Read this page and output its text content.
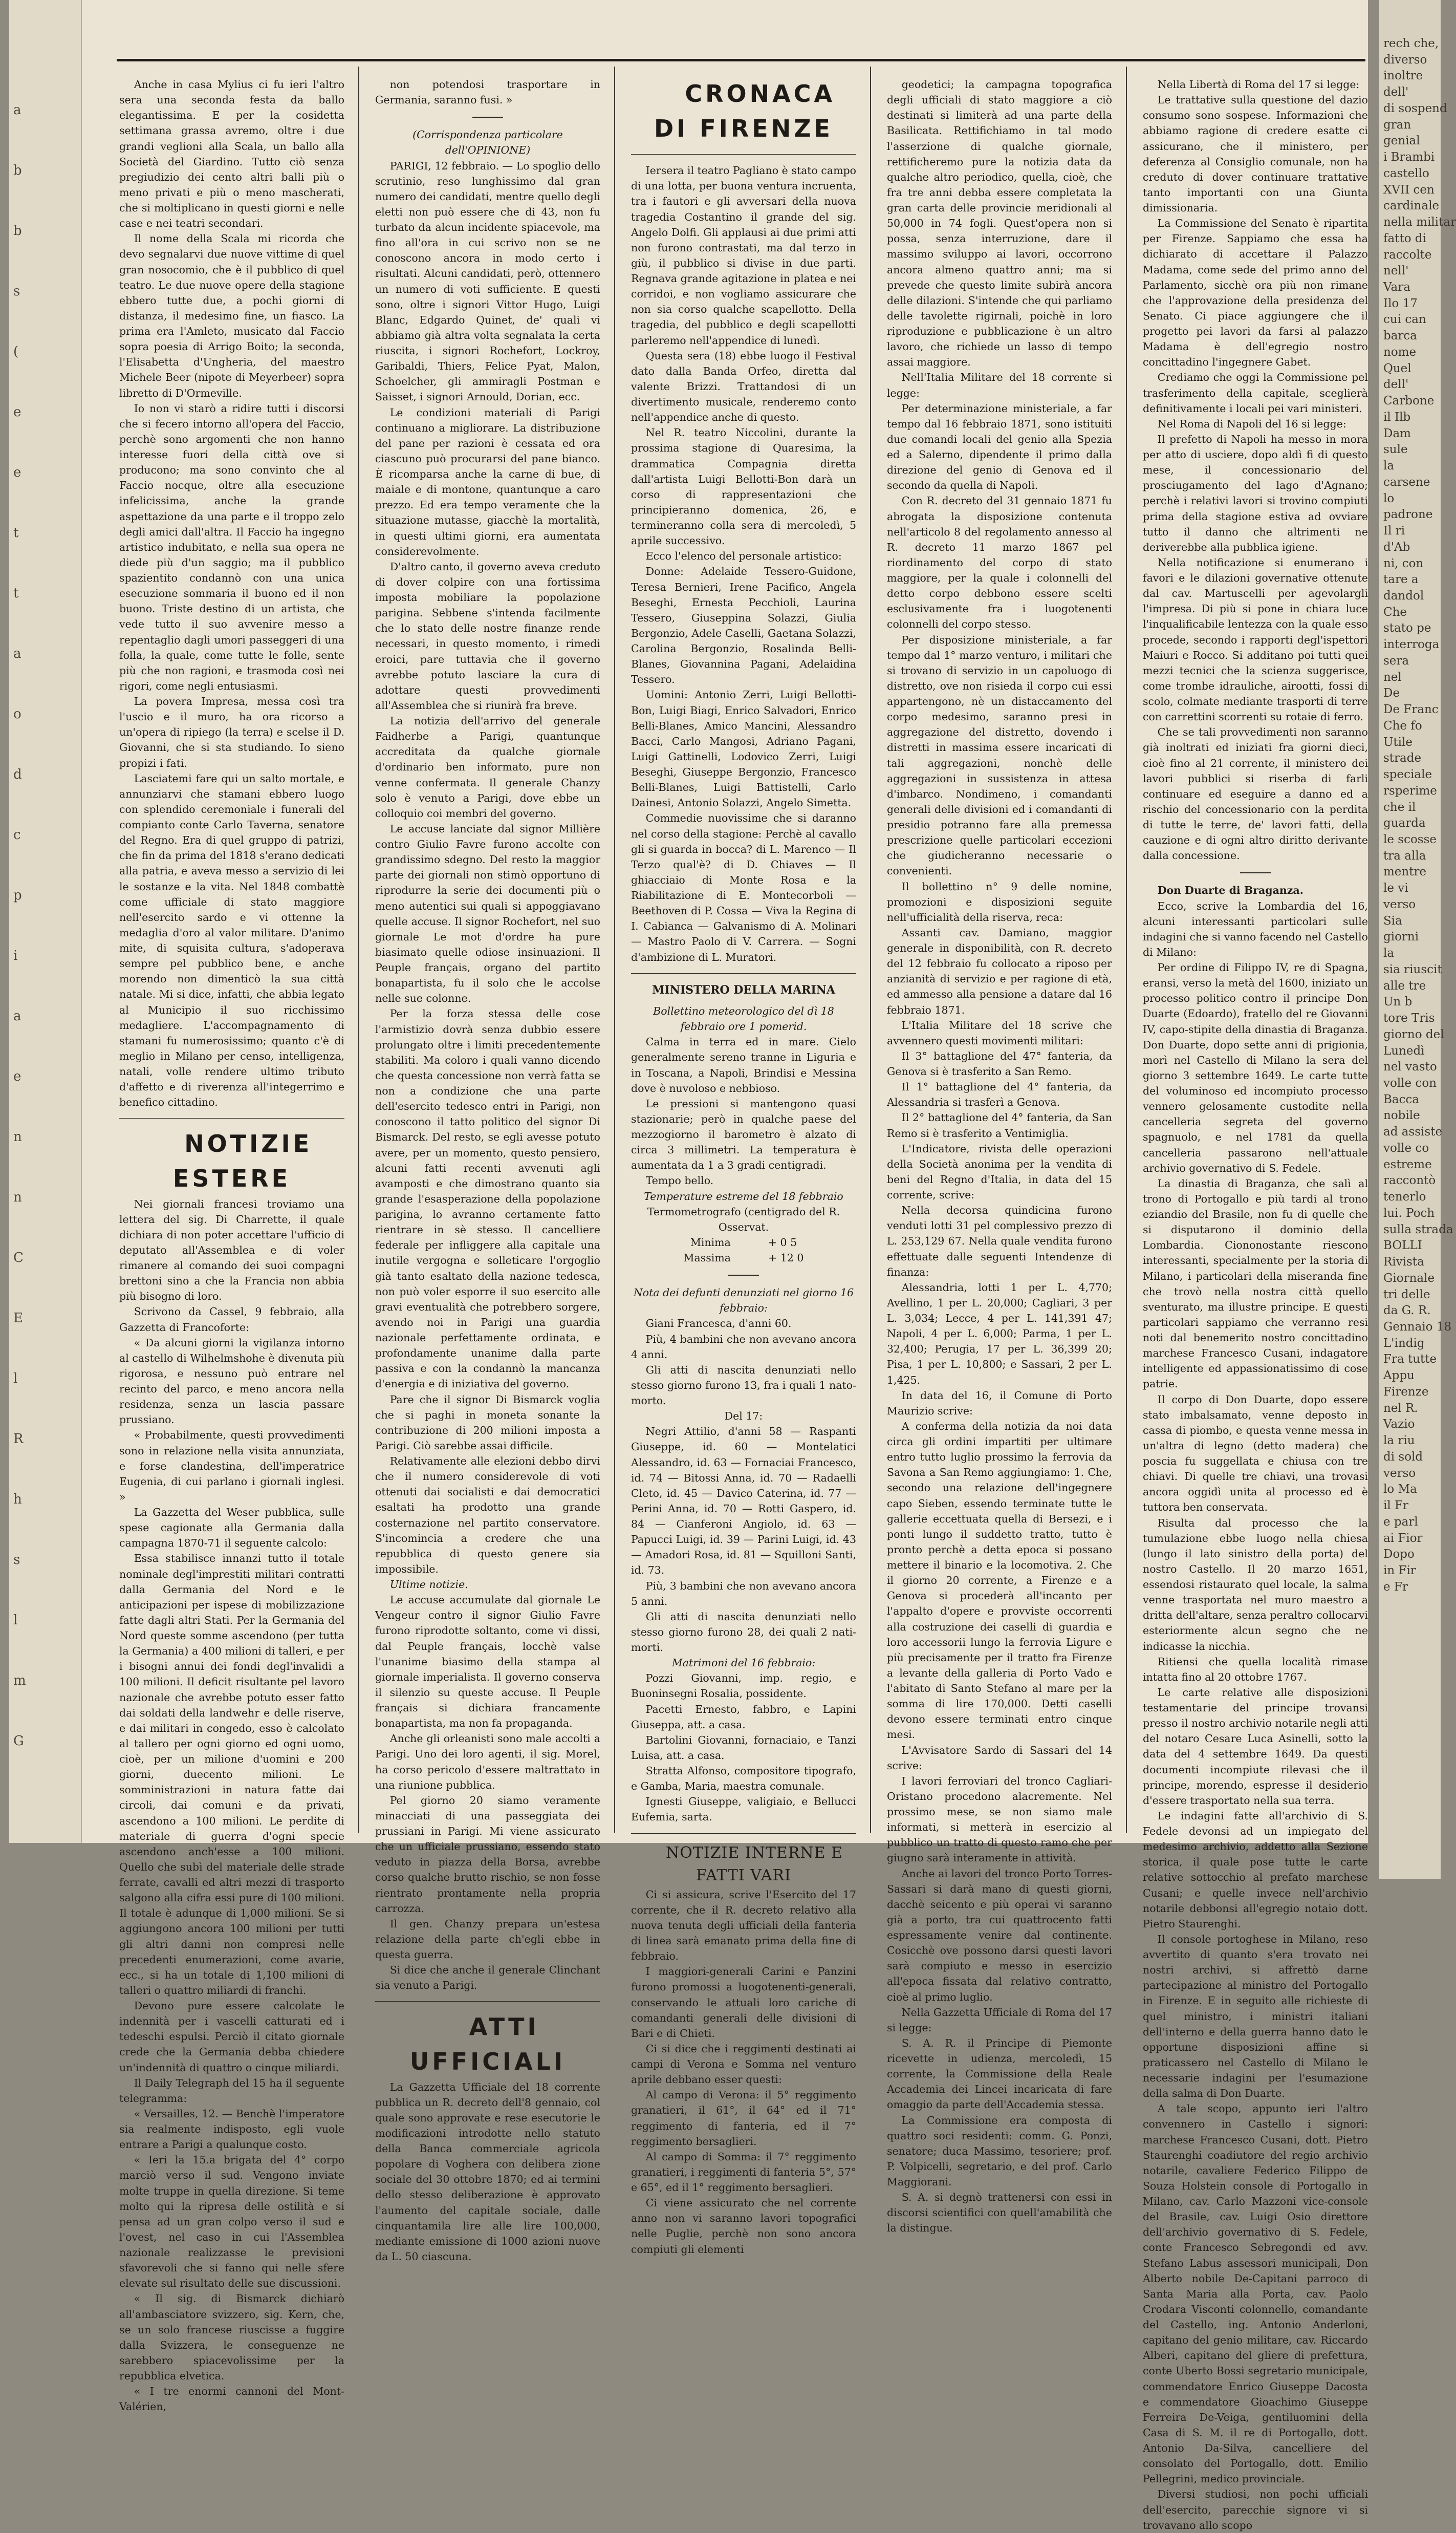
a
b
b
s
(
e
e
t
t
a
o
d
c
p
i
a
e
n
n
C
E
l
R
h
s
l
m
G

Anche in casa Mylius ci fu ieri l'altro sera una seconda festa da ballo elegantissima. E per la cosidetta settimana grassa avremo, oltre i due grandi veglioni alla Scala, un ballo alla Società del Giardino. Tutto ciò senza pregiudizio dei cento altri balli più o meno privati e più o meno mascherati, che si moltiplicano in questi giorni e nelle case e nei teatri secondari.

Il nome della Scala mi ricorda che devo segnalarvi due nuove vittime di quel gran nosocomio, che è il pubblico di quel teatro. Le due nuove opere della stagione ebbero tutte due, a pochi giorni di distanza, il medesimo fine, un fiasco. La prima era l'Amleto, musicato dal Faccio sopra poesia di Arrigo Boito; la seconda, l'Elisabetta d'Ungheria, del maestro Michele Beer (nipote di Meyerbeer) sopra libretto di D'Ormeville.

Io non vi starò a ridire tutti i discorsi che si fecero intorno all'opera del Faccio, perchè sono argomenti che non hanno interesse fuori della città ove si producono; ma sono convinto che al Faccio nocque, oltre alla esecuzione infelicissima, anche la grande aspettazione da una parte e il troppo zelo degli amici dall'altra. Il Faccio ha ingegno artistico indubitato, e nella sua opera ne diede più d'un saggio; ma il pubblico spazientito condannò con una unica esecuzione sommaria il buono ed il non buono. Triste destino di un artista, che vede tutto il suo avvenire messo a repentaglio dagli umori passeggeri di una folla, la quale, come tutte le folle, sente più che non ragioni, e trasmoda così nei rigori, come negli entusiasmi.

La povera Impresa, messa così tra l'uscio e il muro, ha ora ricorso a un'opera di ripiego (la terra) e scelse il D. Giovanni, che si sta studiando. Io sieno propizi i fati.

Lasciatemi fare qui un salto mortale, e annunziarvi che stamani ebbero luogo con splendido ceremoniale i funerali del compianto conte Carlo Taverna, senatore del Regno. Era di quel gruppo di patrizi, che fin da prima del 1818 s'erano dedicati alla patria, e aveva messo a servizio di lei le sostanze e la vita. Nel 1848 combattè come ufficiale di stato maggiore nell'esercito sardo e vi ottenne la medaglia d'oro al valor militare. D'animo mite, di squisita cultura, s'adoperava sempre pel pubblico bene, e anche morendo non dimenticò la sua città natale. Mi si dice, infatti, che abbia legato al Municipio il suo ricchissimo medagliere. L'accompagnamento di stamani fu numerosissimo; quanto c'è di meglio in Milano per censo, intelligenza, natali, volle rendere ultimo tributo d'affetto e di riverenza all'integerrimo e benefico cittadino.

NOTIZIE ESTERE

Nei giornali francesi troviamo una lettera del sig. Di Charrette, il quale dichiara di non poter accettare l'ufficio di deputato all'Assemblea e di voler rimanere al comando dei suoi compagni brettoni sino a che la Francia non abbia più bisogno di loro.

Scrivono da Cassel, 9 febbraio, alla Gazzetta di Francoforte:

« Da alcuni giorni la vigilanza intorno al castello di Wilhelmshohe è divenuta più rigorosa, e nessuno può entrare nel recinto del parco, e meno ancora nella residenza, senza un lascia passare prussiano.

« Probabilmente, questi provvedimenti sono in relazione nella visita annunziata, e forse clandestina, dell'imperatrice Eugenia, di cui parlano i giornali inglesi. »

La Gazzetta del Weser pubblica, sulle spese cagionate alla Germania dalla campagna 1870-71 il seguente calcolo:

Essa stabilisce innanzi tutto il totale nominale degl'imprestiti militari contratti dalla Germania del Nord e le anticipazioni per ispese di mobilizzazione fatte dagli altri Stati. Per la Germania del Nord queste somme ascendono (per tutta la Germania) a 400 milioni di talleri, e per i bisogni annui dei fondi degl'invalidi a 100 milioni. Il deficit risultante pel lavoro nazionale che avrebbe potuto esser fatto dai soldati della landwehr e delle riserve, e dai militari in congedo, esso è calcolato al tallero per ogni giorno ed ogni uomo, cioè, per un milione d'uomini e 200 giorni, duecento milioni. Le somministrazioni in natura fatte dai circoli, dai comuni e da privati, ascendono a 100 milioni. Le perdite di materiale di guerra d'ogni specie ascendono anch'esse a 100 milioni. Quello che subì del materiale delle strade ferrate, cavalli ed altri mezzi di trasporto salgono alla cifra essi pure di 100 milioni. Il totale è adunque di 1,000 milioni. Se si aggiungono ancora 100 milioni per tutti gli altri danni non compresi nelle precedenti enumerazioni, come avarie, ecc., si ha un totale di 1,100 milioni di talleri o quattro miliardi di franchi.

Devono pure essere calcolate le indennità per i vascelli catturati ed i tedeschi espulsi. Perciò il citato giornale crede che la Germania debba chiedere un'indennità di quattro o cinque miliardi.

Il Daily Telegraph del 15 ha il seguente telegramma:

« Versailles, 12. — Benchè l'imperatore sia realmente indisposto, egli vuole entrare a Parigi a qualunque costo.

« Ieri la 15.a brigata del 4° corpo marciò verso il sud. Vengono inviate molte truppe in quella direzione. Si teme molto qui la ripresa delle ostilità e si pensa ad un gran colpo verso il sud e l'ovest, nel caso in cui l'Assemblea nazionale realizzasse le previsioni sfavorevoli che si fanno qui nelle sfere elevate sul risultato delle sue discussioni.

« Il sig. di Bismarck dichiarò all'ambasciatore svizzero, sig. Kern, che, se un solo francese riuscisse a fuggire dalla Svizzera, le conseguenze ne sarebbero spiacevolissime per la repubblica elvetica.

« I tre enormi cannoni del Mont-Valérien,

non potendosi trasportare in Germania, saranno fusi. »

(Corrispondenza particolare dell'OPINIONE)

PARIGI, 12 febbraio. — Lo spoglio dello scrutinio, reso lunghissimo dal gran numero dei candidati, mentre quello degli eletti non può essere che di 43, non fu turbato da alcun incidente spiacevole, ma fino all'ora in cui scrivo non se ne conoscono ancora in modo certo i risultati. Alcuni candidati, però, ottennero un numero di voti sufficiente. E questi sono, oltre i signori Vittor Hugo, Luigi Blanc, Edgardo Quinet, de' quali vi abbiamo già altra volta segnalata la certa riuscita, i signori Rochefort, Lockroy, Garibaldi, Thiers, Felice Pyat, Malon, Schoelcher, gli ammiragli Postman e Saisset, i signori Arnould, Dorian, ecc.

Le condizioni materiali di Parigi continuano a migliorare. La distribuzione del pane per razioni è cessata ed ora ciascuno può procurarsi del pane bianco. È ricomparsa anche la carne di bue, di maiale e di montone, quantunque a caro prezzo. Ed era tempo veramente che la situazione mutasse, giacchè la mortalità, in questi ultimi giorni, era aumentata considerevolmente.

D'altro canto, il governo aveva creduto di dover colpire con una fortissima imposta mobiliare la popolazione parigina. Sebbene s'intenda facilmente che lo stato delle nostre finanze rende necessari, in questo momento, i rimedi eroici, pare tuttavia che il governo avrebbe potuto lasciare la cura di adottare questi provvedimenti all'Assemblea che si riunirà fra breve.

La notizia dell'arrivo del generale Faidherbe a Parigi, quantunque accreditata da qualche giornale d'ordinario ben informato, pure non venne confermata. Il generale Chanzy solo è venuto a Parigi, dove ebbe un colloquio coi membri del governo.

Le accuse lanciate dal signor Millière contro Giulio Favre furono accolte con grandissimo sdegno. Del resto la maggior parte dei giornali non stimò opportuno di riprodurre la serie dei documenti più o meno autentici sui quali si appoggiavano quelle accuse. Il signor Rochefort, nel suo giornale Le mot d'ordre ha pure biasimato quelle odiose insinuazioni. Il Peuple français, organo del partito bonapartista, fu il solo che le accolse nelle sue colonne.

Per la forza stessa delle cose l'armistizio dovrà senza dubbio essere prolungato oltre i limiti precedentemente stabiliti. Ma coloro i quali vanno dicendo che questa concessione non verrà fatta se non a condizione che una parte dell'esercito tedesco entri in Parigi, non conoscono il tatto politico del signor Di Bismarck. Del resto, se egli avesse potuto avere, per un momento, questo pensiero, alcuni fatti recenti avvenuti agli avamposti e che dimostrano quanto sia grande l'esasperazione della popolazione parigina, lo avranno certamente fatto rientrare in sè stesso. Il cancelliere federale per infliggere alla capitale una inutile vergogna e solleticare l'orgoglio già tanto esaltato della nazione tedesca, non può voler esporre il suo esercito alle gravi eventualità che potrebbero sorgere, avendo noi in Parigi una guardia nazionale perfettamente ordinata, e profondamente unanime dalla parte passiva e con la condannò la mancanza d'energia e di iniziativa del governo.

Pare che il signor Di Bismarck voglia che si paghi in moneta sonante la contribuzione di 200 milioni imposta a Parigi. Ciò sarebbe assai difficile.

Relativamente alle elezioni debbo dirvi che il numero considerevole di voti ottenuti dai socialisti e dai democratici esaltati ha prodotto una grande costernazione nel partito conservatore. S'incomincia a credere che una repubblica di questo genere sia impossibile.

Ultime notizie.

Le accuse accumulate dal giornale Le Vengeur contro il signor Giulio Favre furono riprodotte soltanto, come vi dissi, dal Peuple français, locchè valse l'unanime biasimo della stampa al giornale imperialista. Il governo conserva il silenzio su queste accuse. Il Peuple français si dichiara francamente bonapartista, ma non fa propaganda.

Anche gli orleanisti sono male accolti a Parigi. Uno dei loro agenti, il sig. Morel, ha corso pericolo d'essere maltrattato in una riunione pubblica.

Pel giorno 20 siamo veramente minacciati di una passeggiata dei prussiani in Parigi. Mi viene assicurato che un ufficiale prussiano, essendo stato veduto in piazza della Borsa, avrebbe corso qualche brutto rischio, se non fosse rientrato prontamente nella propria carrozza.

Il gen. Chanzy prepara un'estesa relazione della parte ch'egli ebbe in questa guerra.

Si dice che anche il generale Clinchant sia venuto a Parigi.

ATTI UFFICIALI

La Gazzetta Ufficiale del 18 corrente pubblica un R. decreto dell'8 gennaio, col quale sono approvate e rese esecutorie le modificazioni introdotte nello statuto della Banca commerciale agricola popolare di Voghera con delibera zione sociale del 30 ottobre 1870; ed ai termini dello stesso deliberazione è approvato l'aumento del capitale sociale, dalle cinquantamila lire alle lire 100,000, mediante emissione di 1000 azioni nuove da L. 50 ciascuna.

CRONACA DI FIRENZE

Iersera il teatro Pagliano è stato campo di una lotta, per buona ventura incruenta, tra i fautori e gli avversari della nuova tragedia Costantino il grande del sig. Angelo Dolfi. Gli applausi ai due primi atti non furono contrastati, ma dal terzo in giù, il pubblico si divise in due parti. Regnava grande agitazione in platea e nei corridoi, e non vogliamo assicurare che non sia corso qualche scapellotto. Della tragedia, del pubblico e degli scapellotti parleremo nell'appendice di lunedì.

Questa sera (18) ebbe luogo il Festival dato dalla Banda Orfeo, diretta dal valente Brizzi. Trattandosi di un divertimento musicale, renderemo conto nell'appendice anche di questo.

Nel R. teatro Niccolini, durante la prossima stagione di Quaresima, la drammatica Compagnia diretta dall'artista Luigi Bellotti-Bon darà un corso di rappresentazioni che principieranno domenica, 26, e termineranno colla sera di mercoledì, 5 aprile successivo.

Ecco l'elenco del personale artistico:

Donne: Adelaide Tessero-Guidone, Teresa Bernieri, Irene Pacifico, Angela Beseghi, Ernesta Pecchioli, Laurina Tessero, Giuseppina Solazzi, Giulia Bergonzio, Adele Caselli, Gaetana Solazzi, Carolina Bergonzio, Rosalinda Belli-Blanes, Giovannina Pagani, Adelaidina Tessero.

Uomini: Antonio Zerri, Luigi Bellotti-Bon, Luigi Biagi, Enrico Salvadori, Enrico Belli-Blanes, Amico Mancini, Alessandro Bacci, Carlo Mangosi, Adriano Pagani, Luigi Gattinelli, Lodovico Zerri, Luigi Beseghi, Giuseppe Bergonzio, Francesco Belli-Blanes, Luigi Battistelli, Carlo Dainesi, Antonio Solazzi, Angelo Simetta.

Commedie nuovissime che si daranno nel corso della stagione: Perchè al cavallo gli si guarda in bocca? di L. Marenco — Il Terzo qual'è? di D. Chiaves — Il ghiacciaio di Monte Rosa e la Riabilitazione di E. Montecorboli — Beethoven di P. Cossa — Viva la Regina di I. Cabianca — Galvanismo di A. Molinari — Mastro Paolo di V. Carrera. — Sogni d'ambizione di L. Muratori.

MINISTERO DELLA MARINA

Bollettino meteorologico del dì 18 febbraio ore 1 pomerid.

Calma in terra ed in mare. Cielo generalmente sereno tranne in Liguria e in Toscana, a Napoli, Brindisi e Messina dove è nuvoloso e nebbioso.

Le pressioni si mantengono quasi stazionarie; però in qualche paese del mezzogiorno il barometro è alzato di circa 3 millimetri. La temperatura è aumentata da 1 a 3 gradi centigradi.

Tempo bello.

Temperature estreme del 18 febbraio

Termometrografo (centigrado del R. Osservat.

Minima	+ 0 5

Massima	+ 12 0

Nota dei defunti denunziati nel giorno 16 febbraio:

Giani Francesca, d'anni 60.

Più, 4 bambini che non avevano ancora 4 anni.

Gli atti di nascita denunziati nello stesso giorno furono 13, fra i quali 1 nato-morto.

Del 17:

Negri Attilio, d'anni 58 — Raspanti Giuseppe, id. 60 — Montelatici Alessandro, id. 63 — Fornaciai Francesco, id. 74 — Bitossi Anna, id. 70 — Radaelli Cleto, id. 45 — Davico Caterina, id. 77 — Perini Anna, id. 70 — Rotti Gaspero, id. 84 — Cianferoni Angiolo, id. 63 — Papucci Luigi, id. 39 — Parini Luigi, id. 43 — Amadori Rosa, id. 81 — Squilloni Santi, id. 73.

Più, 3 bambini che non avevano ancora 5 anni.

Gli atti di nascita denunziati nello stesso giorno furono 28, dei quali 2 nati-morti.

Matrimoni del 16 febbraio:

Pozzi Giovanni, imp. regio, e Buoninsegni Rosalia, possidente.

Pacetti Ernesto, fabbro, e Lapini Giuseppa, att. a casa.

Bartolini Giovanni, fornaciaio, e Tanzi Luisa, att. a casa.

Stratta Alfonso, compositore tipografo, e Gamba, Maria, maestra comunale.

Ignesti Giuseppe, valigiaio, e Bellucci Eufemia, sarta.

NOTIZIE INTERNE E FATTI VARI

Ci si assicura, scrive l'Esercito del 17 corrente, che il R. decreto relativo alla nuova tenuta degli ufficiali della fanteria di linea sarà emanato prima della fine di febbraio.

I maggiori-generali Carini e Panzini furono promossi a luogotenenti-generali, conservando le attuali loro cariche di comandanti generali delle divisioni di Bari e di Chieti.

Ci si dice che i reggimenti destinati ai campi di Verona e Somma nel venturo aprile debbano esser questi:

Al campo di Verona: il 5° reggimento granatieri, il 61°, il 64° ed il 71° reggimento di fanteria, ed il 7° reggimento bersaglieri.

Al campo di Somma: il 7° reggimento granatieri, i reggimenti di fanteria 5°, 57° e 65°, ed il 1° reggimento bersaglieri.

Ci viene assicurato che nel corrente anno non vi saranno lavori topografici nelle Puglie, perchè non sono ancora compiuti gli elementi

geodetici; la campagna topografica degli ufficiali di stato maggiore a ciò destinati si limiterà ad una parte della Basilicata. Rettifichiamo in tal modo l'asserzione di qualche giornale, rettificheremo pure la notizia data da qualche altro periodico, quella, cioè, che fra tre anni debba essere completata la gran carta delle provincie meridionali al 50,000 in 74 fogli. Quest'opera non si possa, senza interruzione, dare il massimo sviluppo ai lavori, occorrono ancora almeno quattro anni; ma si prevede che questo limite subirà ancora delle dilazioni. S'intende che qui parliamo delle tavolette rigirnali, poichè in loro riproduzione e pubblicazione è un altro lavoro, che richiede un lasso di tempo assai maggiore.

Nell'Italia Militare del 18 corrente si legge:

Per determinazione ministeriale, a far tempo dal 16 febbraio 1871, sono istituiti due comandi locali del genio alla Spezia ed a Salerno, dipendente il primo dalla direzione del genio di Genova ed il secondo da quella di Napoli.

Con R. decreto del 31 gennaio 1871 fu abrogata la disposizione contenuta nell'articolo 8 del regolamento annesso al R. decreto 11 marzo 1867 pel riordinamento del corpo di stato maggiore, per la quale i colonnelli del detto corpo debbono essere scelti esclusivamente fra i luogotenenti colonnelli del corpo stesso.

Per disposizione ministeriale, a far tempo dal 1° marzo venturo, i militari che si trovano di servizio in un capoluogo di distretto, ove non risieda il corpo cui essi appartengono, nè un distaccamento del corpo medesimo, saranno presi in aggregazione del distretto, dovendo i distretti in massima essere incaricati di tali aggregazioni, nonchè delle aggregazioni in sussistenza in attesa d'imbarco. Nondimeno, i comandanti generali delle divisioni ed i comandanti di presidio potranno fare alla premessa prescrizione quelle particolari eccezioni che giudicheranno necessarie o convenienti.

Il bollettino n° 9 delle nomine, promozioni e disposizioni seguite nell'ufficialità della riserva, reca:

Assanti cav. Damiano, maggior generale in disponibilità, con R. decreto del 12 febbraio fu collocato a riposo per anzianità di servizio e per ragione di età, ed ammesso alla pensione a datare dal 16 febbraio 1871.

L'Italia Militare del 18 scrive che avvennero questi movimenti militari:

Il 3° battaglione del 47° fanteria, da Genova si è trasferito a San Remo.

Il 1° battaglione del 4° fanteria, da Alessandria si trasferì a Genova.

Il 2° battaglione del 4° fanteria, da San Remo si è trasferito a Ventimiglia.

L'Indicatore, rivista delle operazioni della Società anonima per la vendita di beni del Regno d'Italia, in data del 15 corrente, scrive:

Nella decorsa quindicina furono venduti lotti 31 pel complessivo prezzo di L. 253,129 67. Nella quale vendita furono effettuate dalle seguenti Intendenze di finanza:

Alessandria, lotti 1 per L. 4,770; Avellino, 1 per L. 20,000; Cagliari, 3 per L. 3,034; Lecce, 4 per L. 141,391 47; Napoli, 4 per L. 6,000; Parma, 1 per L. 32,400; Perugia, 17 per L. 36,399 20; Pisa, 1 per L. 10,800; e Sassari, 2 per L. 1,425.

In data del 16, il Comune di Porto Maurizio scrive:

A conferma della notizia da noi data circa gli ordini impartiti per ultimare entro tutto luglio prossimo la ferrovia da Savona a San Remo aggiungiamo: 1. Che, secondo una relazione dell'ingegnere capo Sieben, essendo terminate tutte le gallerie eccettuata quella di Bersezi, e i ponti lungo il suddetto tratto, tutto è pronto perchè a detta epoca si possano mettere il binario e la locomotiva. 2. Che il giorno 20 corrente, a Firenze e a Genova si procederà all'incanto per l'appalto d'opere e provviste occorrenti alla costruzione dei caselli di guardia e loro accessorii lungo la ferrovia Ligure e più precisamente per il tratto fra Firenze a levante della galleria di Porto Vado e l'abitato di Santo Stefano al mare per la somma di lire 170,000. Detti caselli devono essere terminati entro cinque mesi.

L'Avvisatore Sardo di Sassari del 14 scrive:

I lavori ferroviari del tronco Cagliari-Oristano procedono alacremente. Nel prossimo mese, se non siamo male informati, si metterà in esercizio al pubblico un tratto di questo ramo che per giugno sarà interamente in attività.

Anche ai lavori del tronco Porto Torres-Sassari si darà mano di questi giorni, dacchè seicento e più operai vi saranno già a porto, tra cui quattrocento fatti espressamente venire dal continente. Cosicchè ove possono darsi questi lavori sarà compiuto e messo in esercizio all'epoca fissata dal relativo contratto, cioè al primo luglio.

Nella Gazzetta Ufficiale di Roma del 17 si legge:

S. A. R. il Principe di Piemonte ricevette in udienza, mercoledì, 15 corrente, la Commissione della Reale Accademia dei Lincei incaricata di fare omaggio da parte dell'Accademia stessa.

La Commissione era composta di quattro soci residenti: comm. G. Ponzi, senatore; duca Massimo, tesoriere; prof. P. Volpicelli, segretario, e del prof. Carlo Maggiorani.

S. A. si degnò trattenersi con essi in discorsi scientifici con quell'amabilità che la distingue.

Nella Libertà di Roma del 17 si legge:

Le trattative sulla questione del dazio consumo sono sospese. Informazioni che abbiamo ragione di credere esatte ci assicurano, che il ministero, per deferenza al Consiglio comunale, non ha creduto di dover continuare trattative tanto importanti con una Giunta dimissionaria.

La Commissione del Senato è ripartita per Firenze. Sappiamo che essa ha dichiarato di accettare il Palazzo Madama, come sede del primo anno del Parlamento, sicchè ora più non rimane che l'approvazione della presidenza del Senato. Ci piace aggiungere che il progetto pei lavori da farsi al palazzo Madama è dell'egregio nostro concittadino l'ingegnere Gabet.

Crediamo che oggi la Commissione pel trasferimento della capitale, sceglierà definitivamente i locali pei vari ministeri.

Nel Roma di Napoli del 16 si legge:

Il prefetto di Napoli ha messo in mora per atto di usciere, dopo aldì fi di questo mese, il concessionario del prosciugamento del lago d'Agnano; perchè i relativi lavori si trovino compiuti prima della stagione estiva ad ovviare tutto il danno che altrimenti ne deriverebbe alla pubblica igiene.

Nella notificazione si enumerano i favori e le dilazioni governative ottenute dal cav. Martuscelli per agevolargli l'impresa. Di più si pone in chiara luce l'inqualificabile lentezza con la quale esso procede, secondo i rapporti degl'ispettori Maiuri e Rocco. Si additano poi tutti quei mezzi tecnici che la scienza suggerisce, come trombe idrauliche, airootti, fossi di scolo, colmate mediante trasporti di terre con carrettini scorrenti su rotaie di ferro.

Che se tali provvedimenti non saranno già inoltrati ed iniziati fra giorni dieci, cioè fino al 21 corrente, il ministero dei lavori pubblici si riserba di farli continuare ed eseguire a danno ed a rischio del concessionario con la perdita di tutte le terre, de' lavori fatti, della cauzione e di ogni altro diritto derivante dalla concessione.

Don Duarte di Braganza.

Ecco, scrive la Lombardia del 16, alcuni interessanti particolari sulle indagini che si vanno facendo nel Castello di Milano:

Per ordine di Filippo IV, re di Spagna, eransi, verso la metà del 1600, iniziato un processo politico contro il principe Don Duarte (Edoardo), fratello del re Giovanni IV, capo-stipite della dinastia di Braganza. Don Duarte, dopo sette anni di prigionia, morì nel Castello di Milano la sera del giorno 3 settembre 1649. Le carte tutte del voluminoso ed incompiuto processo vennero gelosamente custodite nella cancelleria segreta del governo spagnuolo, e nel 1781 da quella cancelleria passarono nell'attuale archivio governativo di S. Fedele.

La dinastia di Braganza, che salì al trono di Portogallo e più tardi al trono eziandio del Brasile, non fu di quelle che si disputarono il dominio della Lombardia. Ciononostante riescono interessanti, specialmente per la storia di Milano, i particolari della miseranda fine che trovò nella nostra città quello sventurato, ma illustre principe. E questi particolari sappiamo che verranno resi noti dal benemerito nostro concittadino marchese Francesco Cusani, indagatore intelligente ed appassionatissimo di cose patrie.

Il corpo di Don Duarte, dopo essere stato imbalsamato, venne deposto in cassa di piombo, e questa venne messa in un'altra di legno (detto madera) che poscia fu suggellata e chiusa con tre chiavi. Di quelle tre chiavi, una trovasi ancora oggidì unita al processo ed è tuttora ben conservata.

Risulta dal processo che la tumulazione ebbe luogo nella chiesa (lungo il lato sinistro della porta) del nostro Castello. Il 20 marzo 1651, essendosi ristaurato quel locale, la salma venne trasportata nel muro maestro a dritta dell'altare, senza peraltro collocarvi esteriormente alcun segno che ne indicasse la nicchia.

Ritiensi che quella località rimase intatta fino al 20 ottobre 1767.

Le carte relative alle disposizioni testamentarie del principe trovansi presso il nostro archivio notarile negli atti del notaro Cesare Luca Asinelli, sotto la data del 4 settembre 1649. Da questi documenti incompiute rilevasi che il principe, morendo, espresse il desiderio d'essere trasportato nella sua terra.

Le indagini fatte all'archivio di S. Fedele devonsi ad un impiegato del medesimo archivio, addetto alla Sezione storica, il quale pose tutte le carte relative sottocchio al prefato marchese Cusani; e quelle invece nell'archivio notarile debbonsi all'egregio notaio dott. Pietro Staurenghi.

Il console portoghese in Milano, reso avvertito di quanto s'era trovato nei nostri archivi, si affrettò darne partecipazione al ministro del Portogallo in Firenze. E in seguito alle richieste di quel ministro, i ministri italiani dell'interno e della guerra hanno dato le opportune disposizioni affine si praticassero nel Castello di Milano le necessarie indagini per l'esumazione della salma di Don Duarte.

A tale scopo, appunto ieri l'altro convennero in Castello i signori: marchese Francesco Cusani, dott. Pietro Staurenghi coadiutore del regio archivio notarile, cavaliere Federico Filippo de Souza Holstein console di Portogallo in Milano, cav. Carlo Mazzoni vice-console del Brasile, cav. Luigi Osio direttore dell'archivio governativo di S. Fedele, conte Francesco Sebregondi ed avv. Stefano Labus assessori municipali, Don Alberto nobile De-Capitani parroco di Santa Maria alla Porta, cav. Paolo Crodara Visconti colonnello, comandante del Castello, ing. Antonio Anderloni, capitano del genio militare, cav. Riccardo Alberi, capitano del gliere di prefettura, conte Uberto Bossi segretario municipale, commendatore Enrico Giuseppe Dacosta e commendatore Gioachimo Giuseppe Ferreira De-Veiga, gentiluomini della Casa di S. M. il re di Portogallo, dott. Antonio Da-Silva, cancelliere del consolato del Portogallo, dott. Emilio Pellegrini, medico provinciale.

Diversi studiosi, non pochi ufficiali dell'esercito, parecchie signore vi si trovavano allo scopo

rech che,

diverso

inoltre

dell'

di sospend

gran

genial

i Brambi

castello

XVII cen

cardinale

nella militar

fatto di

raccolte

nell'

Vara

Ilo 17

cui can

barca

nome

Quel

dell'

Carbone

il Ilb

Dam

sule

la

carsene

lo

padrone

Il ri

d'Ab

ni, con

tare a

dandol

Che

stato pe

interroga

sera

nel

De

De Franc

Che fo

Utile

strade

speciale

rsperime

che il

guarda

le scosse

tra alla

mentre

le vi

verso

Sia

giorni

la

sia riuscit

alle tre

Un b

tore Tris

giorno del

Lunedì

nel vasto

volle con

Bacca

nobile

ad assiste

volle co

estreme

raccontò

tenerlo

lui. Poch

sulla strada

BOLLI

Rivista

Giornale

tri delle

da G. R.

Gennaio 18

L'indig

Fra tutte

Appu

Firenze

nel R.

Vazio

la riu

di sold

verso

lo Ma

il Fr

e parl

ai Fior

Dopo

in Fir

e Fr
